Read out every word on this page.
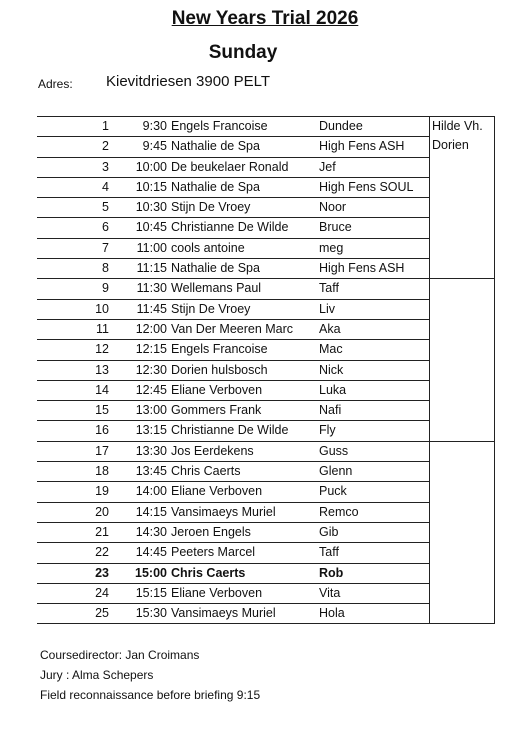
New Years Trial 2026
Sunday
Adres: Kievitdriesen 3900 PELT
1	9:30	Engels Francoise	Dundee	Hilde Vh.
Dorien

2	9:45	Nathalie de Spa	High Fens ASH	
3	10:00	De beukelaer Ronald	Jef	
4	10:15	Nathalie de Spa	High Fens SOUL	
5	10:30	Stijn De Vroey	Noor	
6	10:45	Christianne De Wilde	Bruce	
7	11:00	cools antoine	meg	
8	11:15	Nathalie de Spa	High Fens ASH	
9	11:30	Wellemans Paul	Taff	
10	11:45	Stijn De Vroey	Liv	
11	12:00	Van Der Meeren Marc	Aka	
12	12:15	Engels Francoise	Mac	
13	12:30	Dorien hulsbosch	Nick	
14	12:45	Eliane Verboven	Luka	
15	13:00	Gommers Frank	Nafi	
16	13:15	Christianne De Wilde	Fly	
17	13:30	Jos Eerdekens	Guss	
18	13:45	Chris Caerts	Glenn	
19	14:00	Eliane Verboven	Puck	
20	14:15	Vansimaeys Muriel	Remco	
21	14:30	Jeroen Engels	Gib	
22	14:45	Peeters Marcel	Taff	
23	15:00	Chris Caerts	Rob	
24	15:15	Eliane Verboven	Vita	
25	15:30	Vansimaeys Muriel	Hola	
Coursedirector: Jan Croimans
Jury : Alma Schepers
Field reconnaissance before briefing 9:15
